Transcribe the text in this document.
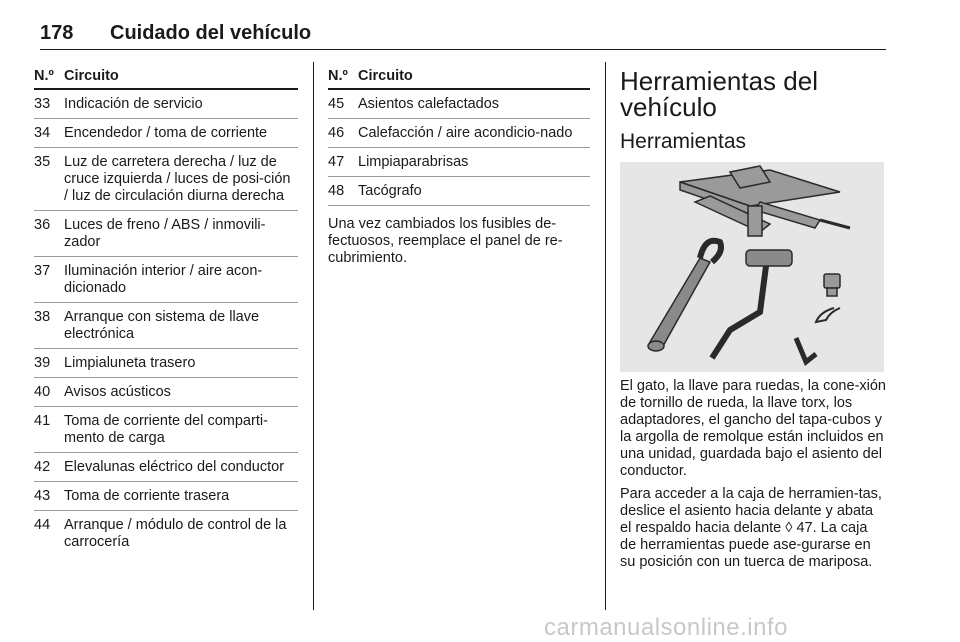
178	Cuidado del vehículo
N.º Circuito
33 Indicación de servicio
34 Encendedor / toma de corriente
35 Luz de carretera derecha / luz de cruce izquierda / luces de posi-ción / luz de circulación diurna derecha
36 Luces de freno / ABS / inmovili-zador
37 Iluminación interior / aire acon-dicionado
38 Arranque con sistema de llave electrónica
39 Limpialuneta trasero
40 Avisos acústicos
41 Toma de corriente del comparti-mento de carga
42 Elevalunas eléctrico del conductor
43 Toma de corriente trasera
44 Arranque / módulo de control de la carrocería
N.º Circuito
45 Asientos calefactados
46 Calefacción / aire acondicio-nado
47 Limpiaparabrisas
48 Tacógrafo

Una vez cambiados los fusibles de-fectuosos, reemplace el panel de re-cubrimiento.

Herramientas del vehículo
Herramientas

El gato, la llave para ruedas, la cone-xión de tornillo de rueda, la llave torx, los adaptadores, el gancho del tapa-cubos y la argolla de remolque están incluidos en una unidad, guardada bajo el asiento del conductor.

Para acceder a la caja de herramien-tas, deslice el asiento hacia delante y abata el respaldo hacia delante ◊ 47. La caja de herramientas puede ase-gurarse en su posición con un tuerca de mariposa.

carmanualsonline.info
